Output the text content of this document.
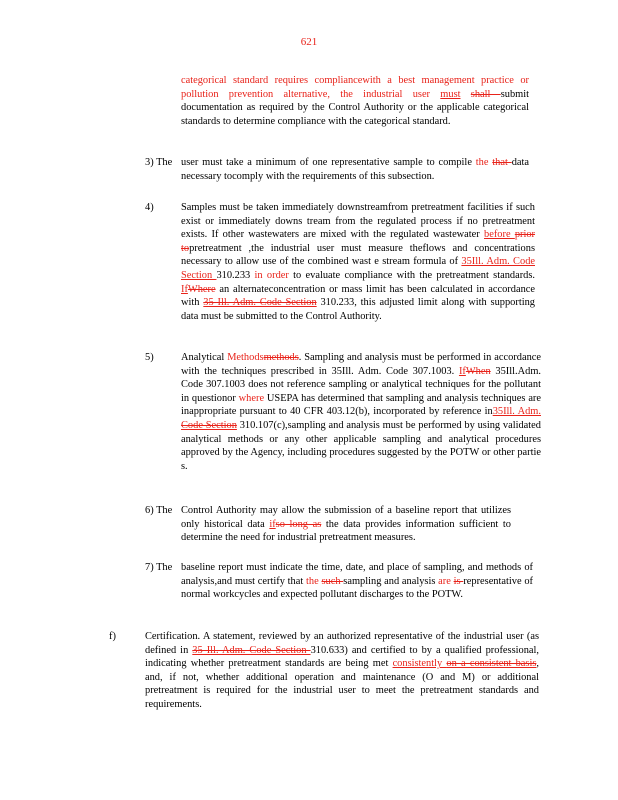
621
categorical standard requires compliancewith a best management practice or pollution prevention alternative, the industrial user must shall submit documentation as required by the Control Authority or the applicable categorical standards to determine compliance with the categorical standard.
3) The user must take a minimum of one representative sample to compile the that data necessary tocomply with the requirements of this subsection.
4)	Samples must be taken immediately downstreamfrom pretreatment facilities if such exist or immediately downs tream from the regulated process if no pretreatment exists. If other wastewaters are mixed with the regulated wastewater before prior topretreatment ,the industrial user must measure theflows and concentrations necessary to allow use of the combined wast e stream formula of 35Ill. Adm. Code Section 310.233 in order to evaluate compliance with the pretreatment standards. IfWhere an alternateconcentration or mass limit has been calculated in accordance with 35 Ill. Adm. Code Section 310.233, this adjusted limit along with supporting data must be submitted to the Control Authority.
5)	Analytical Methodsmethods. Sampling and analysis must be performed in accordance with the techniques prescribed in 35Ill. Adm. Code 307.1003. IfWhen 35Ill.Adm. Code 307.1003 does not reference sampling or analytical techniques for the pollutant in questionor where USEPA has determined that sampling and analysis techniques are inappropriate pursuant to 40 CFR 403.12(b), incorporated by reference in35Ill. Adm. Code Section 310.107(c),sampling and analysis must be performed by using validated analytical methods or any other applicable sampling and analytical procedures approved by the Agency, including procedures suggested by the POTW or other partie s.
6) The Control Authority may allow the submission of a baseline report that utilizes only historical data ifso long as the data provides information sufficient to determine the need for industrial pretreatment measures.
7) The baseline report must indicate the time, date, and place of sampling, and methods of analysis,and must certify that the such sampling and analysis are is representative of normal workcycles and expected pollutant discharges to the POTW.
f)	Certification. A statement, reviewed by an authorized representative of the industrial user (as defined in 35 Ill. Adm. Code Section 310.633) and certified to by a qualified professional, indicating whether pretreatment standards are being met consistently on a consistent basis, and, if not, whether additional operation and maintenance (O and M) or additional pretreatment is required for the industrial user to meet the pretreatment standards and requirements.
